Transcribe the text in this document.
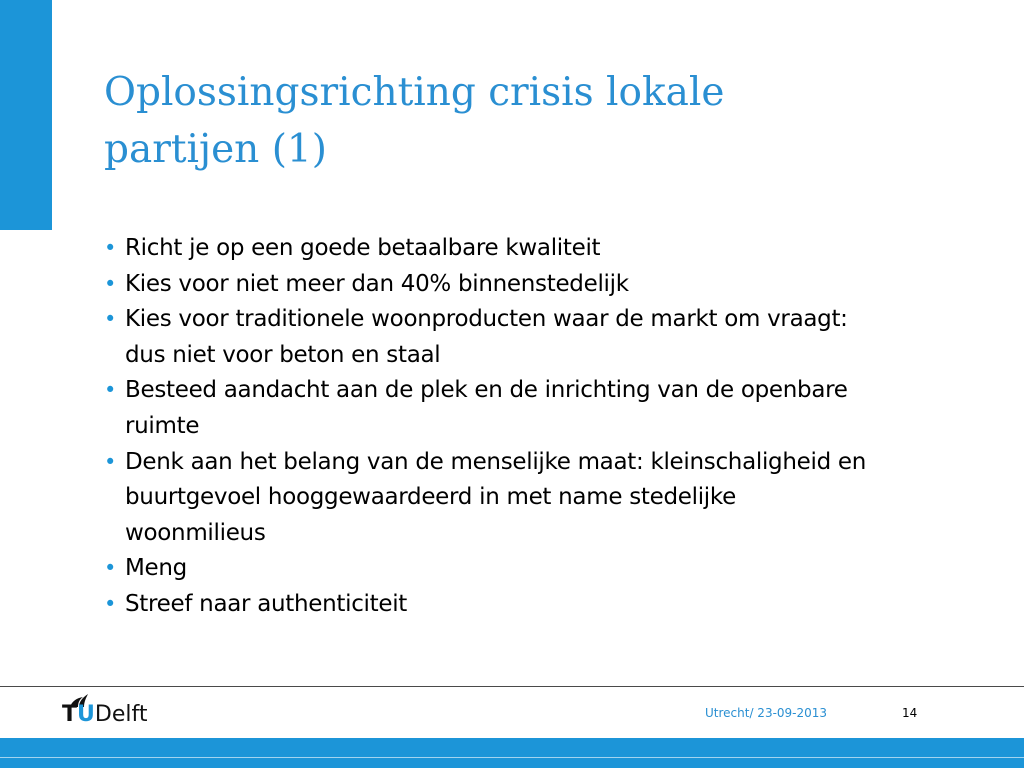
Oplossingsrichting crisis lokale
partijen (1)
• Richt je op een goede betaalbare kwaliteit
• Kies voor niet meer dan 40% binnenstedelijk
• Kies voor traditionele woonproducten waar de markt om vraagt:
dus niet voor beton en staal
• Besteed aandacht aan de plek en de inrichting van de openbare
ruimte
• Denk aan het belang van de menselijke maat: kleinschaligheid en
buurtgevoel hooggewaardeerd in met name stedelijke
woonmilieus
• Meng
• Streef naar authenticiteit
TUDelft	Utrecht/ 23-09-2013	14
